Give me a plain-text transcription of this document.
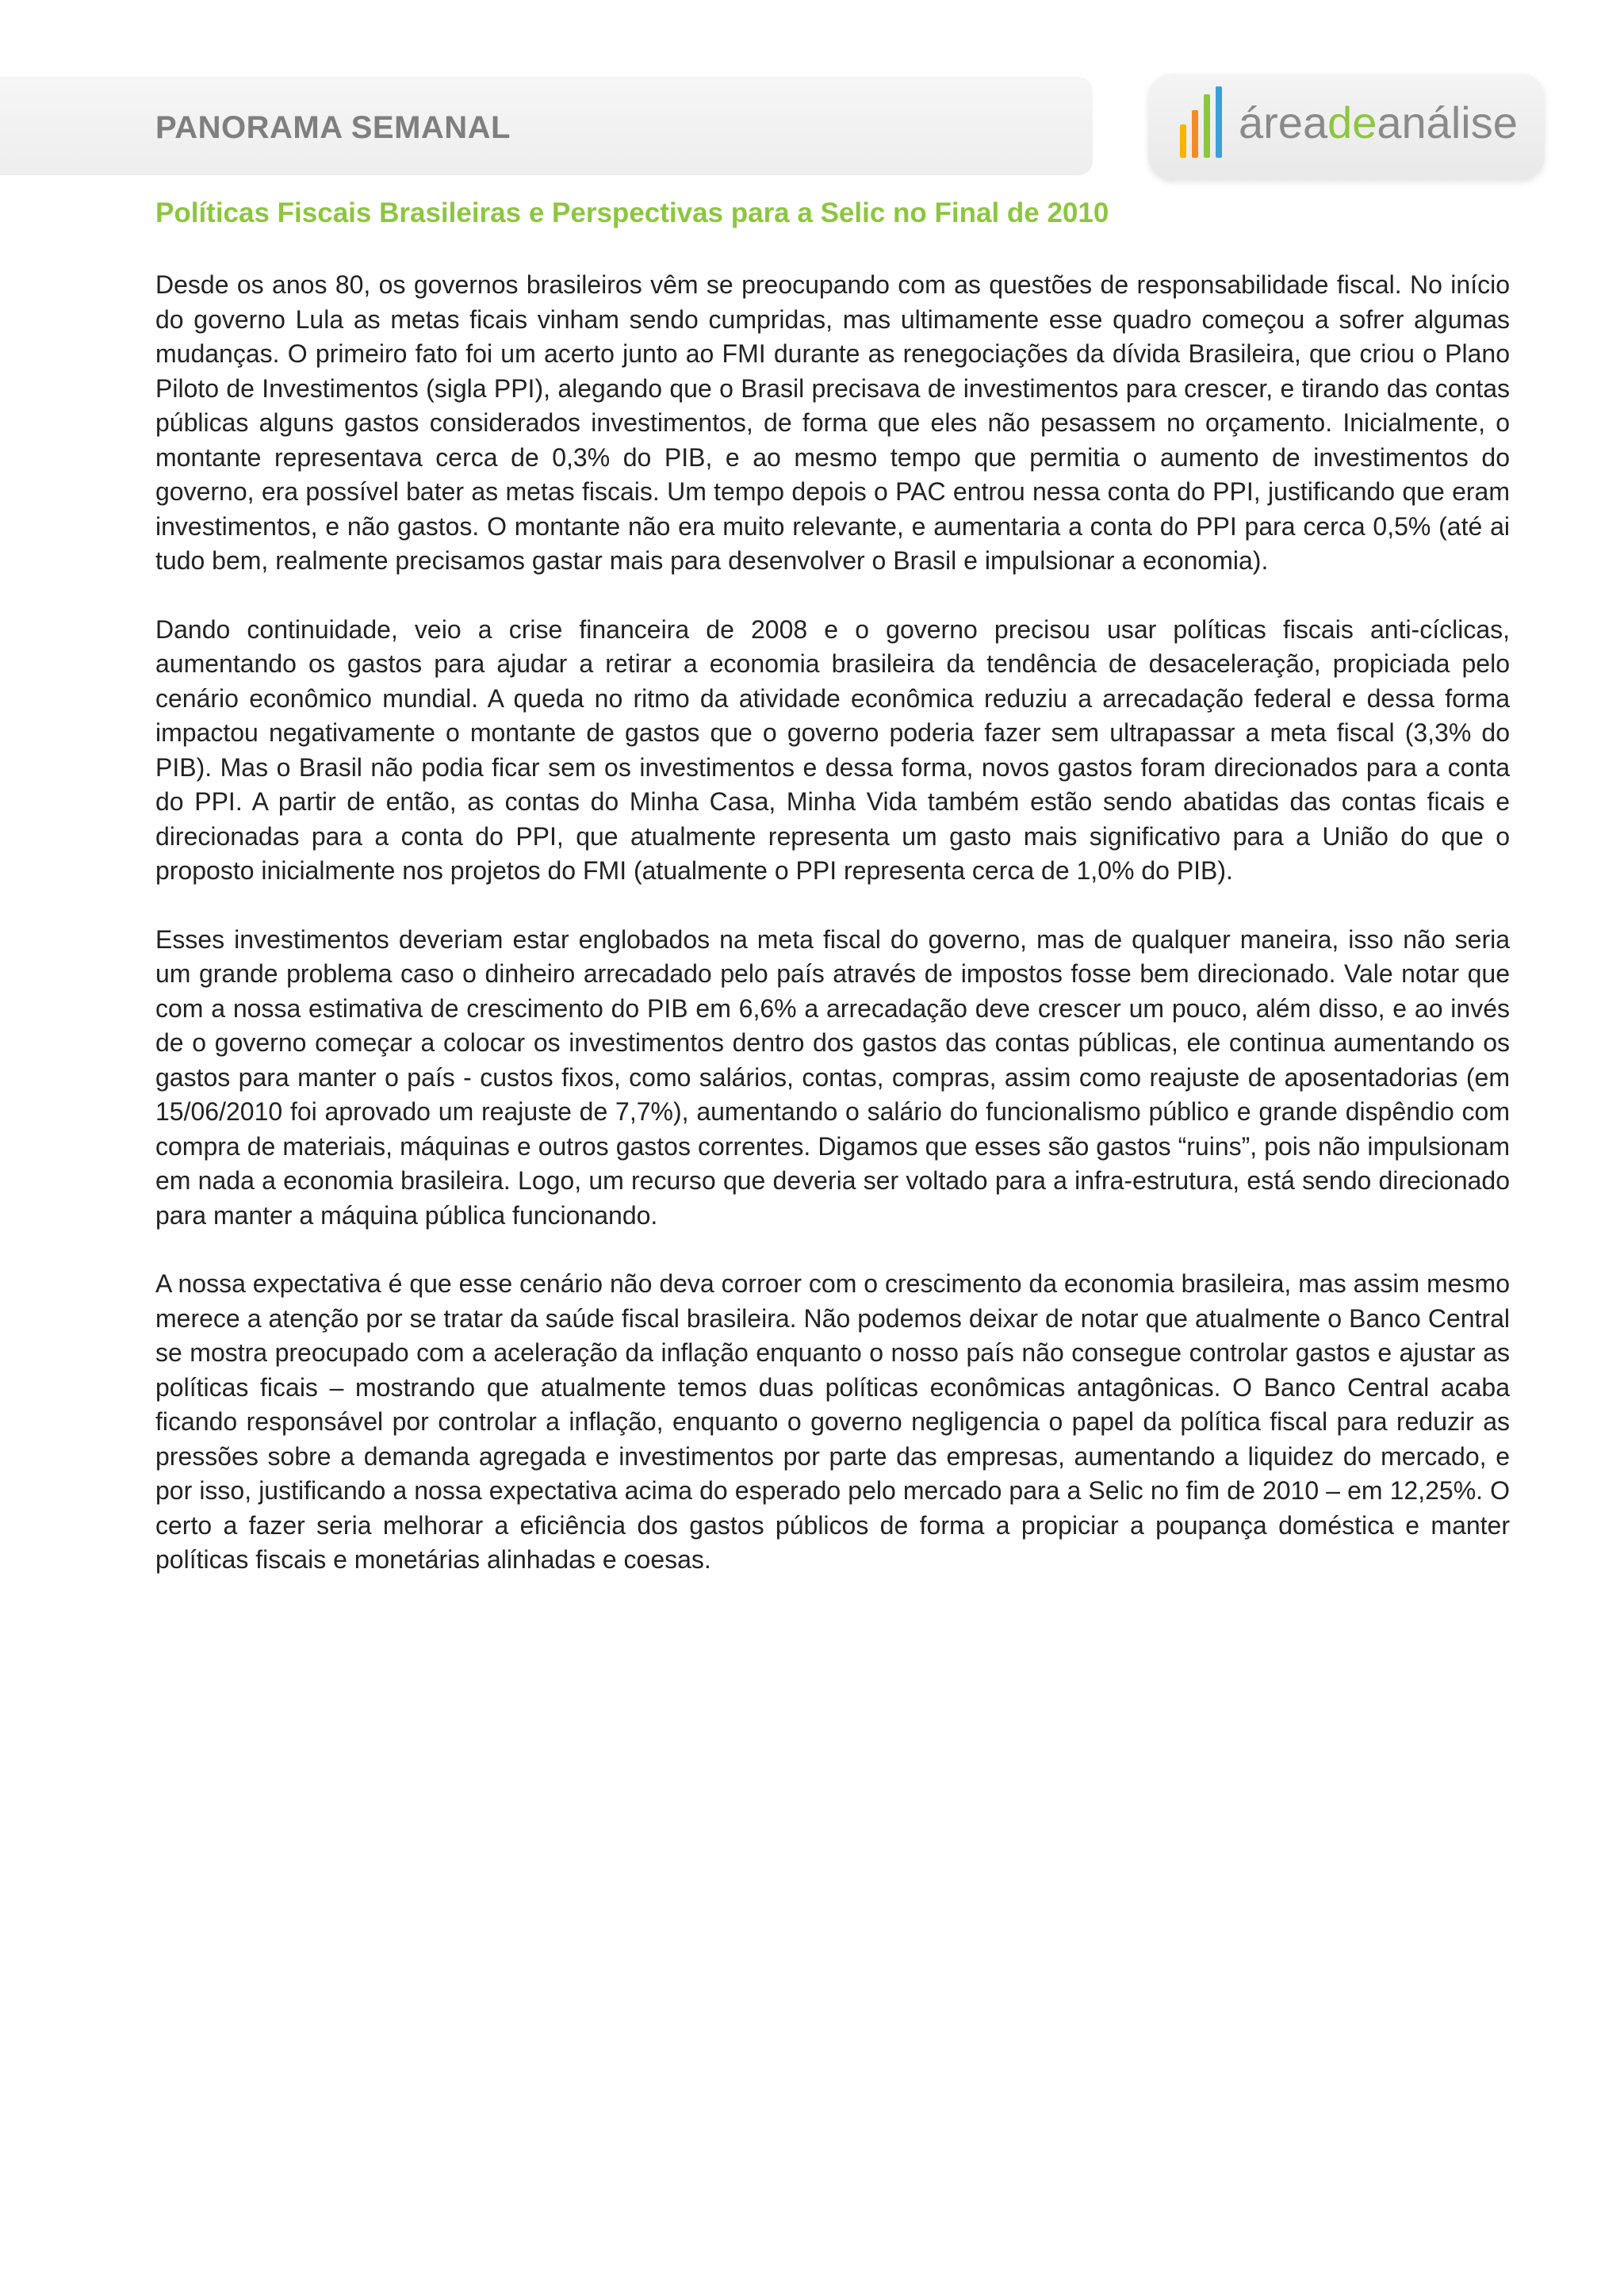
PANORAMA SEMANAL	áreadeanálise
Políticas Fiscais Brasileiras e Perspectivas para a Selic no Final de 2010

Desde os anos 80, os governos brasileiros vêm se preocupando com as questões de responsabilidade fiscal. No início do governo Lula as metas ficais vinham sendo cumpridas, mas ultimamente esse quadro começou a sofrer algumas mudanças. O primeiro fato foi um acerto junto ao FMI durante as renegociações da dívida Brasileira, que criou o Plano Piloto de Investimentos (sigla PPI), alegando que o Brasil precisava de investimentos para crescer, e tirando das contas públicas alguns gastos considerados investimentos, de forma que eles não pesassem no orçamento. Inicialmente, o montante representava cerca de 0,3% do PIB, e ao mesmo tempo que permitia o aumento de investimentos do governo, era possível bater as metas fiscais. Um tempo depois o PAC entrou nessa conta do PPI, justificando que eram investimentos, e não gastos. O montante não era muito relevante, e aumentaria a conta do PPI para cerca 0,5% (até ai tudo bem, realmente precisamos gastar mais para desenvolver o Brasil e impulsionar a economia).

Dando continuidade, veio a crise financeira de 2008 e o governo precisou usar políticas fiscais anti-cíclicas, aumentando os gastos para ajudar a retirar a economia brasileira da tendência de desaceleração, propiciada pelo cenário econômico mundial. A queda no ritmo da atividade econômica reduziu a arrecadação federal e dessa forma impactou negativamente o montante de gastos que o governo poderia fazer sem ultrapassar a meta fiscal (3,3% do PIB). Mas o Brasil não podia ficar sem os investimentos e dessa forma, novos gastos foram direcionados para a conta do PPI. A partir de então, as contas do Minha Casa, Minha Vida também estão sendo abatidas das contas ficais e direcionadas para a conta do PPI, que atualmente representa um gasto mais significativo para a União do que o proposto inicialmente nos projetos do FMI (atualmente o PPI representa cerca de 1,0% do PIB).

Esses investimentos deveriam estar englobados na meta fiscal do governo, mas de qualquer maneira, isso não seria um grande problema caso o dinheiro arrecadado pelo país através de impostos fosse bem direcionado. Vale notar que com a nossa estimativa de crescimento do PIB em 6,6% a arrecadação deve crescer um pouco, além disso, e ao invés de o governo começar a colocar os investimentos dentro dos gastos das contas públicas, ele continua aumentando os gastos para manter o país - custos fixos, como salários, contas, compras, assim como reajuste de aposentadorias (em 15/06/2010 foi aprovado um reajuste de 7,7%), aumentando o salário do funcionalismo público e grande dispêndio com compra de materiais, máquinas e outros gastos correntes. Digamos que esses são gastos “ruins”, pois não impulsionam em nada a economia brasileira. Logo, um recurso que deveria ser voltado para a infra-estrutura, está sendo direcionado para manter a máquina pública funcionando.

A nossa expectativa é que esse cenário não deva corroer com o crescimento da economia brasileira, mas assim mesmo merece a atenção por se tratar da saúde fiscal brasileira. Não podemos deixar de notar que atualmente o Banco Central se mostra preocupado com a aceleração da inflação enquanto o nosso país não consegue controlar gastos e ajustar as políticas ficais – mostrando que atualmente temos duas políticas econômicas antagônicas. O Banco Central acaba ficando responsável por controlar a inflação, enquanto o governo negligencia o papel da política fiscal para reduzir as pressões sobre a demanda agregada e investimentos por parte das empresas, aumentando a liquidez do mercado, e por isso, justificando a nossa expectativa acima do esperado pelo mercado para a Selic no fim de 2010 – em 12,25%. O certo a fazer seria melhorar a eficiência dos gastos públicos de forma a propiciar a poupança doméstica e manter políticas fiscais e monetárias alinhadas e coesas.
